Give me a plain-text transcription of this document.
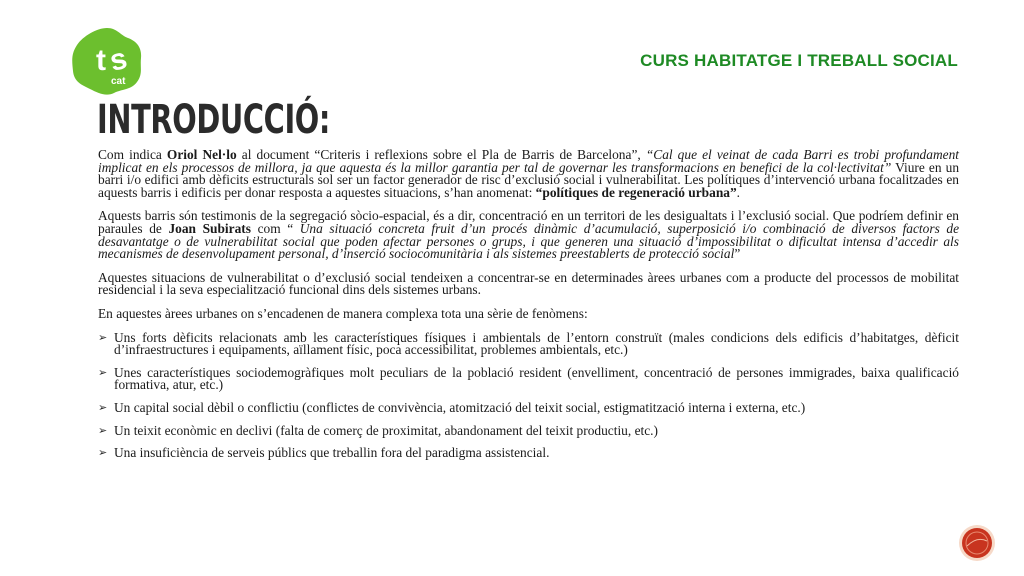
t s
cat
CURS HABITATGE I TREBALL SOCIAL
INTRODUCCIÓ:

Com indica Oriol Nel·lo al document “Criteris i reflexions sobre el Pla de Barris de Barcelona”, “Cal que el veinat de cada Barri es trobi profundament implicat en els processos de millora, ja que aquesta és la millor garantia per tal de governar les transformacions en benefici de la col·lectivitat” Viure en un barri i/o edifici amb dèficits estructurals sol ser un factor generador de risc d’exclusió social i vulnerabilitat. Les polítiques d’intervenció urbana focalitzades en aquests barris i edificis per donar resposta a aquestes situacions, s’han anomenat: “polítiques de regeneració urbana”.

Aquests barris són testimonis de la segregació sòcio-espacial, és a dir, concentració en un territori de les desigualtats i l’exclusió social. Que podríem definir en paraules de Joan Subirats com “ Una situació concreta fruit d’un procés dinàmic d’acumulació, superposició i/o combinació de diversos factors de desavantatge o de vulnerabilitat social que poden afectar persones o grups, i que generen una situació d’impossibilitat o dificultat intensa d’accedir als mecanismes de desenvolupament personal, d’inserció sociocomunitària i als sistemes preestablerts de protecció social”

Aquestes situacions de vulnerabilitat o d’exclusió social tendeixen a concentrar-se en determinades àrees urbanes com a producte del processos de mobilitat residencial i la seva especialització funcional dins dels sistemes urbans.

En aquestes àrees urbanes on s’encadenen de manera complexa tota una sèrie de fenòmens:

➢ Uns forts dèficits relacionats amb les característiques físiques i ambientals de l’entorn construït (males condicions dels edificis d’habitatges, dèficit d’infraestructures i equipaments, aïllament físic, poca accessibilitat, problemes ambientals, etc.)
➢ Unes característiques sociodemogràfiques molt peculiars de la població resident (envelliment, concentració de persones immigrades, baixa qualificació formativa, atur, etc.)
➢ Un capital social dèbil o conflictiu (conflictes de convivència, atomització del teixit social, estigmatització interna i externa, etc.)
➢ Un teixit econòmic en declivi (falta de comerç de proximitat, abandonament del teixit productiu, etc.)
➢ Una insuficiència de serveis públics que treballin fora del paradigma assistencial.
